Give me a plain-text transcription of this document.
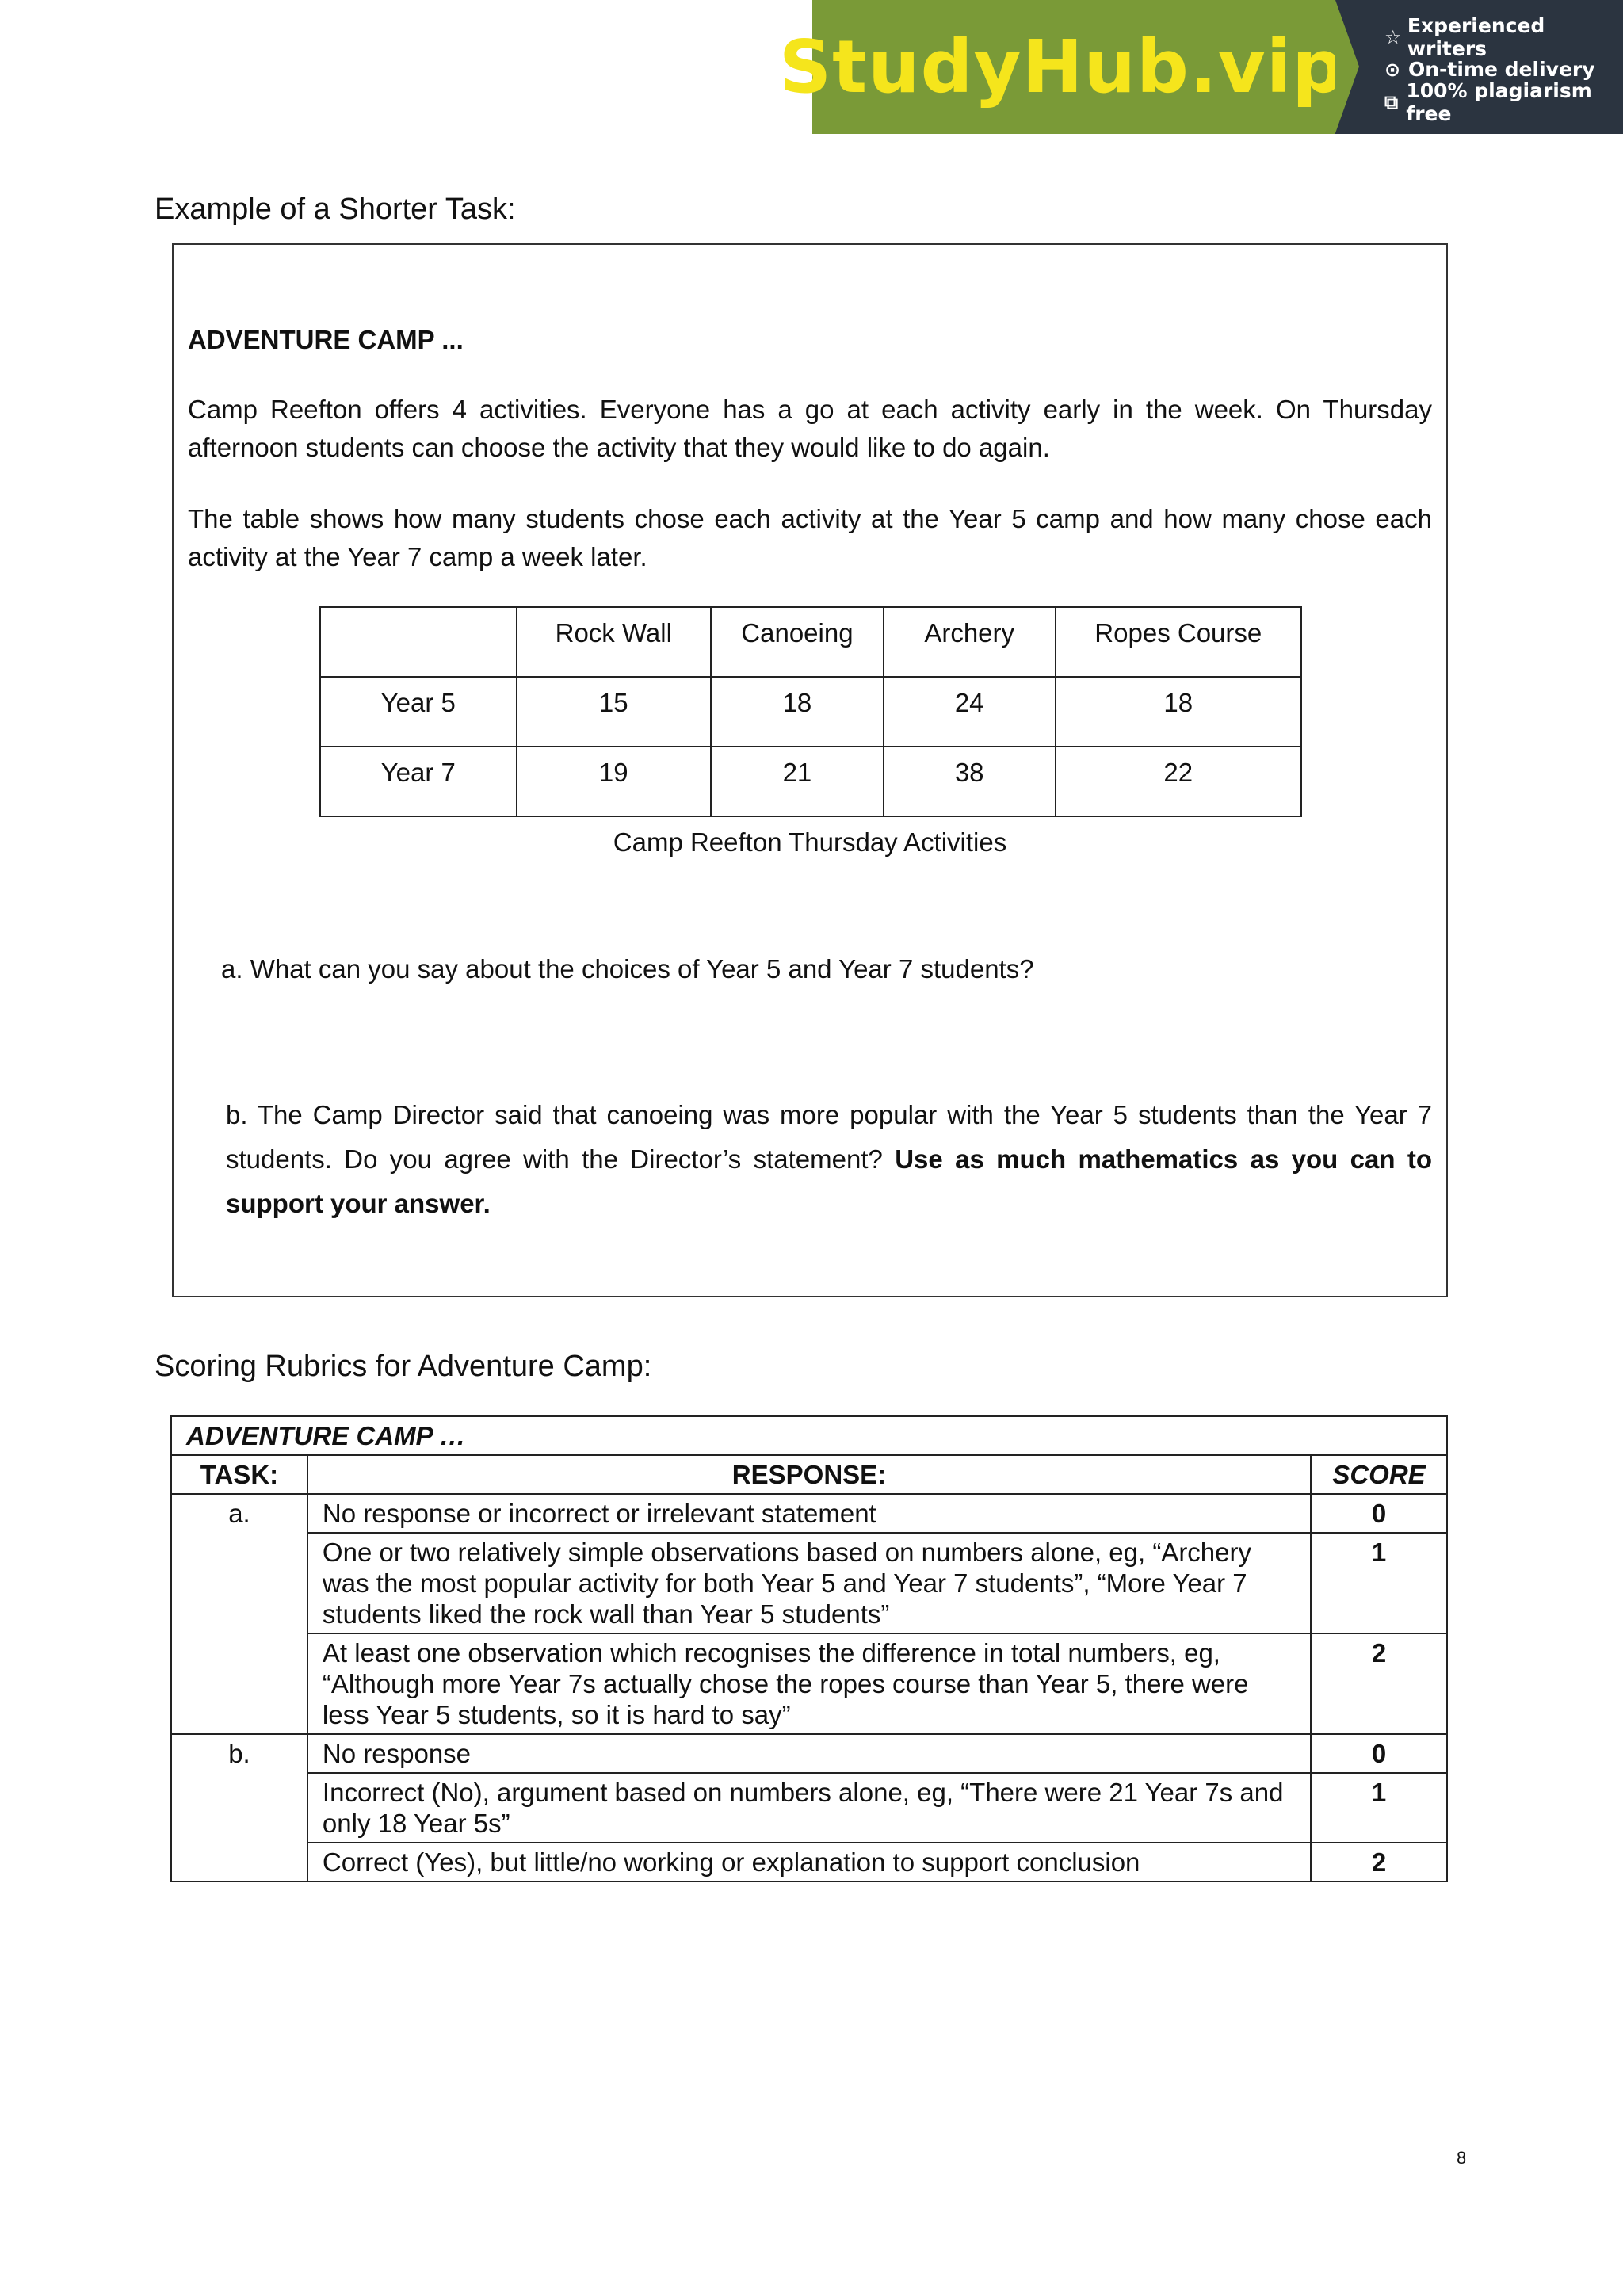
StudyHub.vip ☆ Experienced writers
⊙ On-time delivery
⧉ 100% plagiarism free
Example of a Shorter Task:
ADVENTURE CAMP ...
Camp Reefton offers 4 activities. Everyone has a go at each activity early in the week. On Thursday afternoon students can choose the activity that they would like to do again.
The table shows how many students chose each activity at the Year 5 camp and how many chose each activity at the Year 7 camp a week later.
	Rock Wall	Canoeing	Archery	Ropes Course
Year 5	15	18	24	18
Year 7	19	21	38	22
Camp Reefton Thursday Activities
a. What can you say about the choices of Year 5 and Year 7 students?
b. The Camp Director said that canoeing was more popular with the Year 5 students than the Year 7 students. Do you agree with the Director’s statement? Use as much mathematics as you can to support your answer.
Scoring Rubrics for Adventure Camp:
ADVENTURE CAMP …		
TASK:	RESPONSE:	SCORE
a.	No response or incorrect or irrelevant statement	0
	One or two relatively simple observations based on numbers alone, eg, “Archery was the most popular activity for both Year 5 and Year 7 students”, “More Year 7 students liked the rock wall than Year 5 students”	1
	At least one observation which recognises the difference in total numbers, eg, “Although more Year 7s actually chose the ropes course than Year 5, there were less Year 5 students, so it is hard to say”	2
b.	No response	0
	Incorrect (No), argument based on numbers alone, eg, “There were 21 Year 7s and only 18 Year 5s”	1
	Correct (Yes), but little/no working or explanation to support conclusion	2
8
